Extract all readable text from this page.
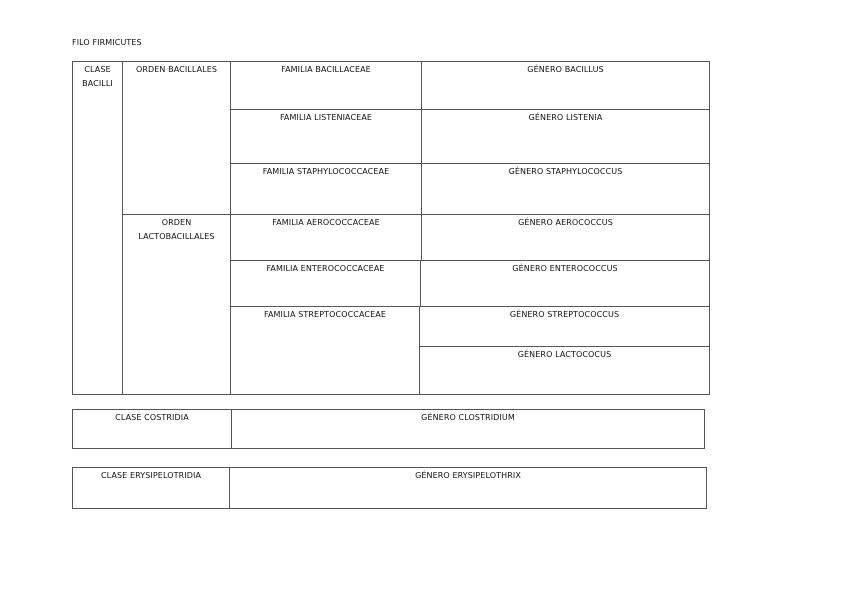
FILO FIRMICUTES
CLASE BACILLI
ORDEN BACILLALES
ORDEN LACTOBACILLALES
FAMILIA BACILLACEAE
FAMILIA LISTENIACEAE
FAMILIA STAPHYLOCOCCACEAE
FAMILIA AEROCOCCACEAE
FAMILIA ENTEROCOCCACEAE
FAMILIA STREPTOCOCCACEAE
GÉNERO BACILLUS
GÉNERO LISTENIA
GÉNERO STAPHYLOCOCCUS
GÉNERO AEROCOCCUS
GÉNERO ENTEROCOCCUS
GÉNERO STREPTOCOCCUS
GÉNERO LACTOCOCUS
CLASE COSTRIDIA	GÉNERO CLOSTRIDIUM
CLASE ERYSIPELOTRIDIA	GÉNERO ERYSIPELOTHRIX
